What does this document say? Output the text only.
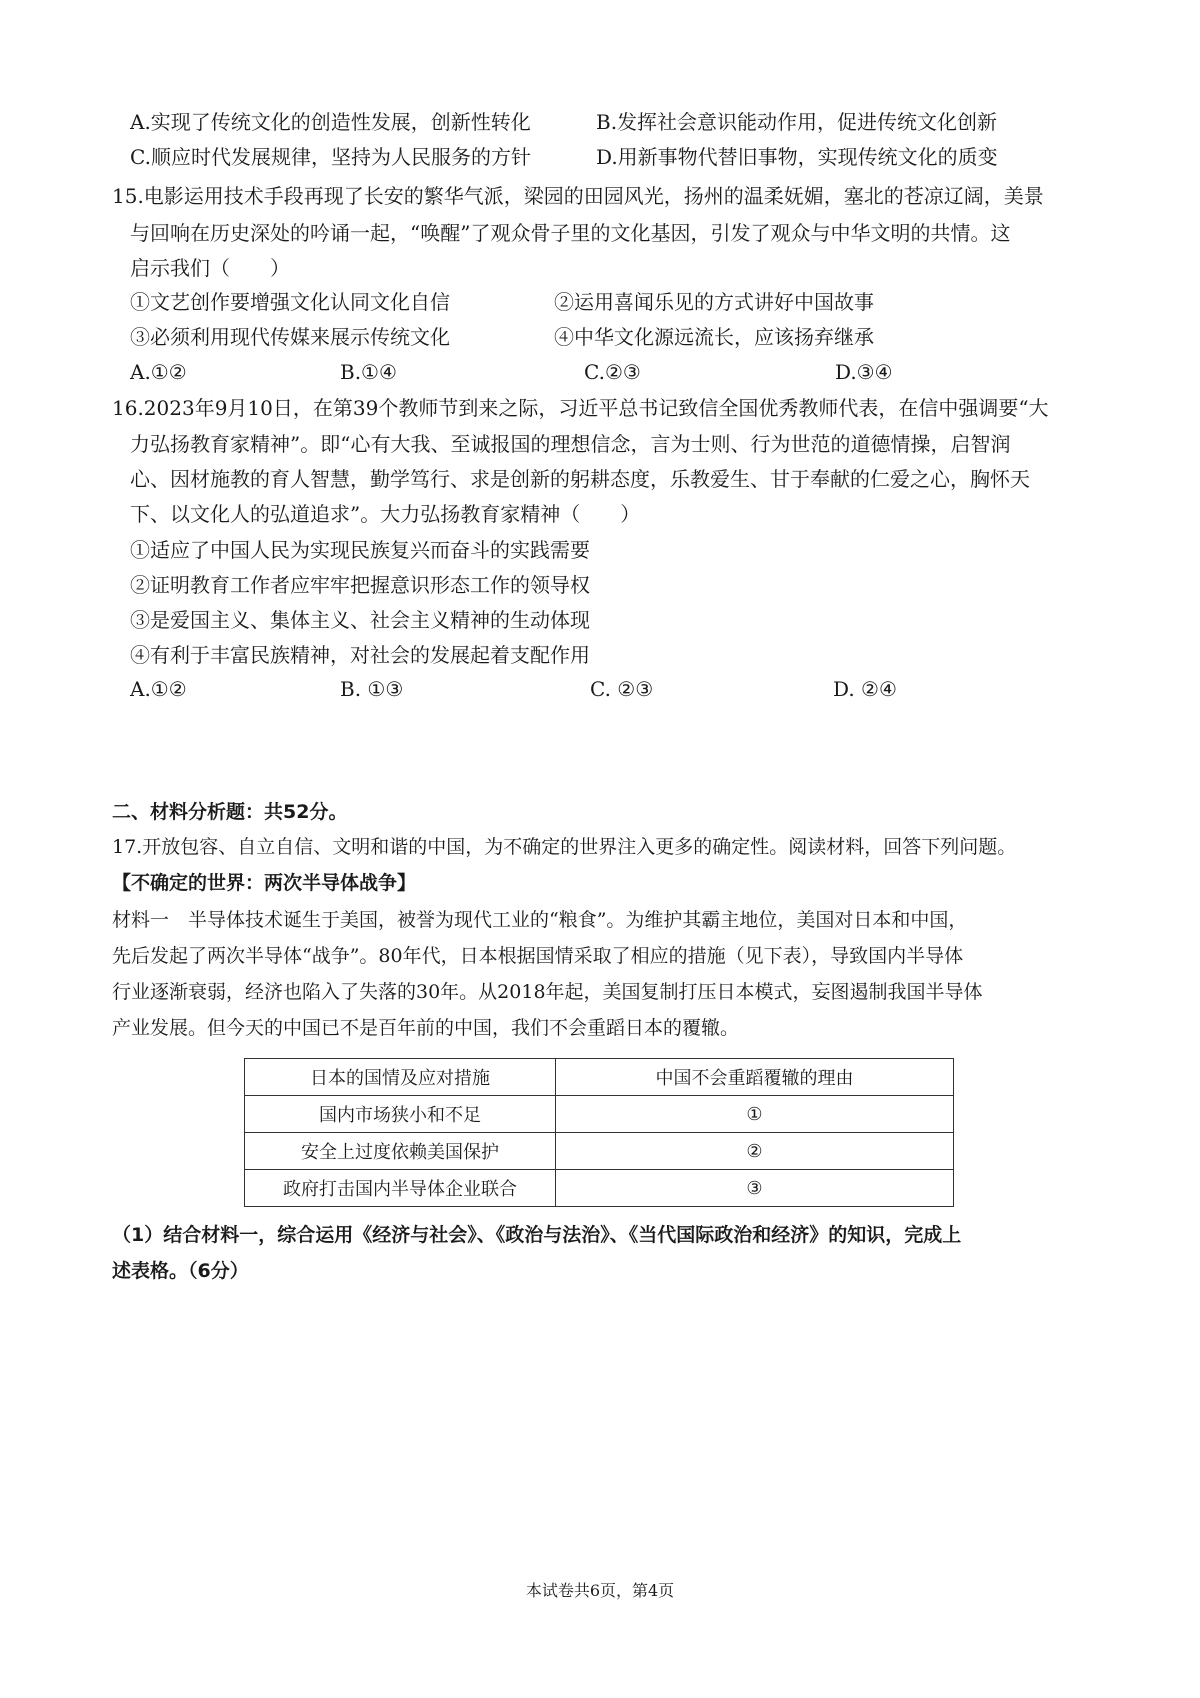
A.实现了传统文化的创造性发展，创新性转化	B.发挥社会意识能动作用，促进传统文化创新
C.顺应时代发展规律，坚持为人民服务的方针	D.用新事物代替旧事物，实现传统文化的质变
15.电影运用技术手段再现了长安的繁华气派，梁园的田园风光，扬州的温柔妩媚，塞北的苍凉辽阔，美景
与回响在历史深处的吟诵一起，“唤醒”了观众骨子里的文化基因，引发了观众与中华文明的共情。这
启示我们（　　）
①文艺创作要增强文化认同文化自信	②运用喜闻乐见的方式讲好中国故事
③必须利用现代传媒来展示传统文化	④中华文化源远流长，应该扬弃继承
A.①②	B.①④	C.②③	D.③④
16.2023年9月10日，在第39个教师节到来之际，习近平总书记致信全国优秀教师代表，在信中强调要“大
力弘扬教育家精神”。即“心有大我、至诚报国的理想信念，言为士则、行为世范的道德情操，启智润
心、因材施教的育人智慧，勤学笃行、求是创新的躬耕态度，乐教爱生、甘于奉献的仁爱之心，胸怀天
下、以文化人的弘道追求”。大力弘扬教育家精神（　　）
①适应了中国人民为实现民族复兴而奋斗的实践需要
②证明教育工作者应牢牢把握意识形态工作的领导权
③是爱国主义、集体主义、社会主义精神的生动体现
④有利于丰富民族精神，对社会的发展起着支配作用
A.①②	B. ①③	C. ②③	D. ②④
二、材料分析题：共52分。
17.开放包容、自立自信、文明和谐的中国，为不确定的世界注入更多的确定性。阅读材料，回答下列问题。
【不确定的世界：两次半导体战争】
材料一　半导体技术诞生于美国，被誉为现代工业的“粮食”。为维护其霸主地位，美国对日本和中国，
先后发起了两次半导体“战争”。80年代，日本根据国情采取了相应的措施（见下表），导致国内半导体
行业逐渐衰弱，经济也陷入了失落的30年。从2018年起，美国复制打压日本模式，妄图遏制我国半导体
产业发展。但今天的中国已不是百年前的中国，我们不会重蹈日本的覆辙。
日本的国情及应对措施	中国不会重蹈覆辙的理由
国内市场狭小和不足	①
安全上过度依赖美国保护	②
政府打击国内半导体企业联合	③
（1）结合材料一，综合运用《经济与社会》、《政治与法治》、《当代国际政治和经济》的知识，完成上
述表格。（6分）
本试卷共6页，第4页
